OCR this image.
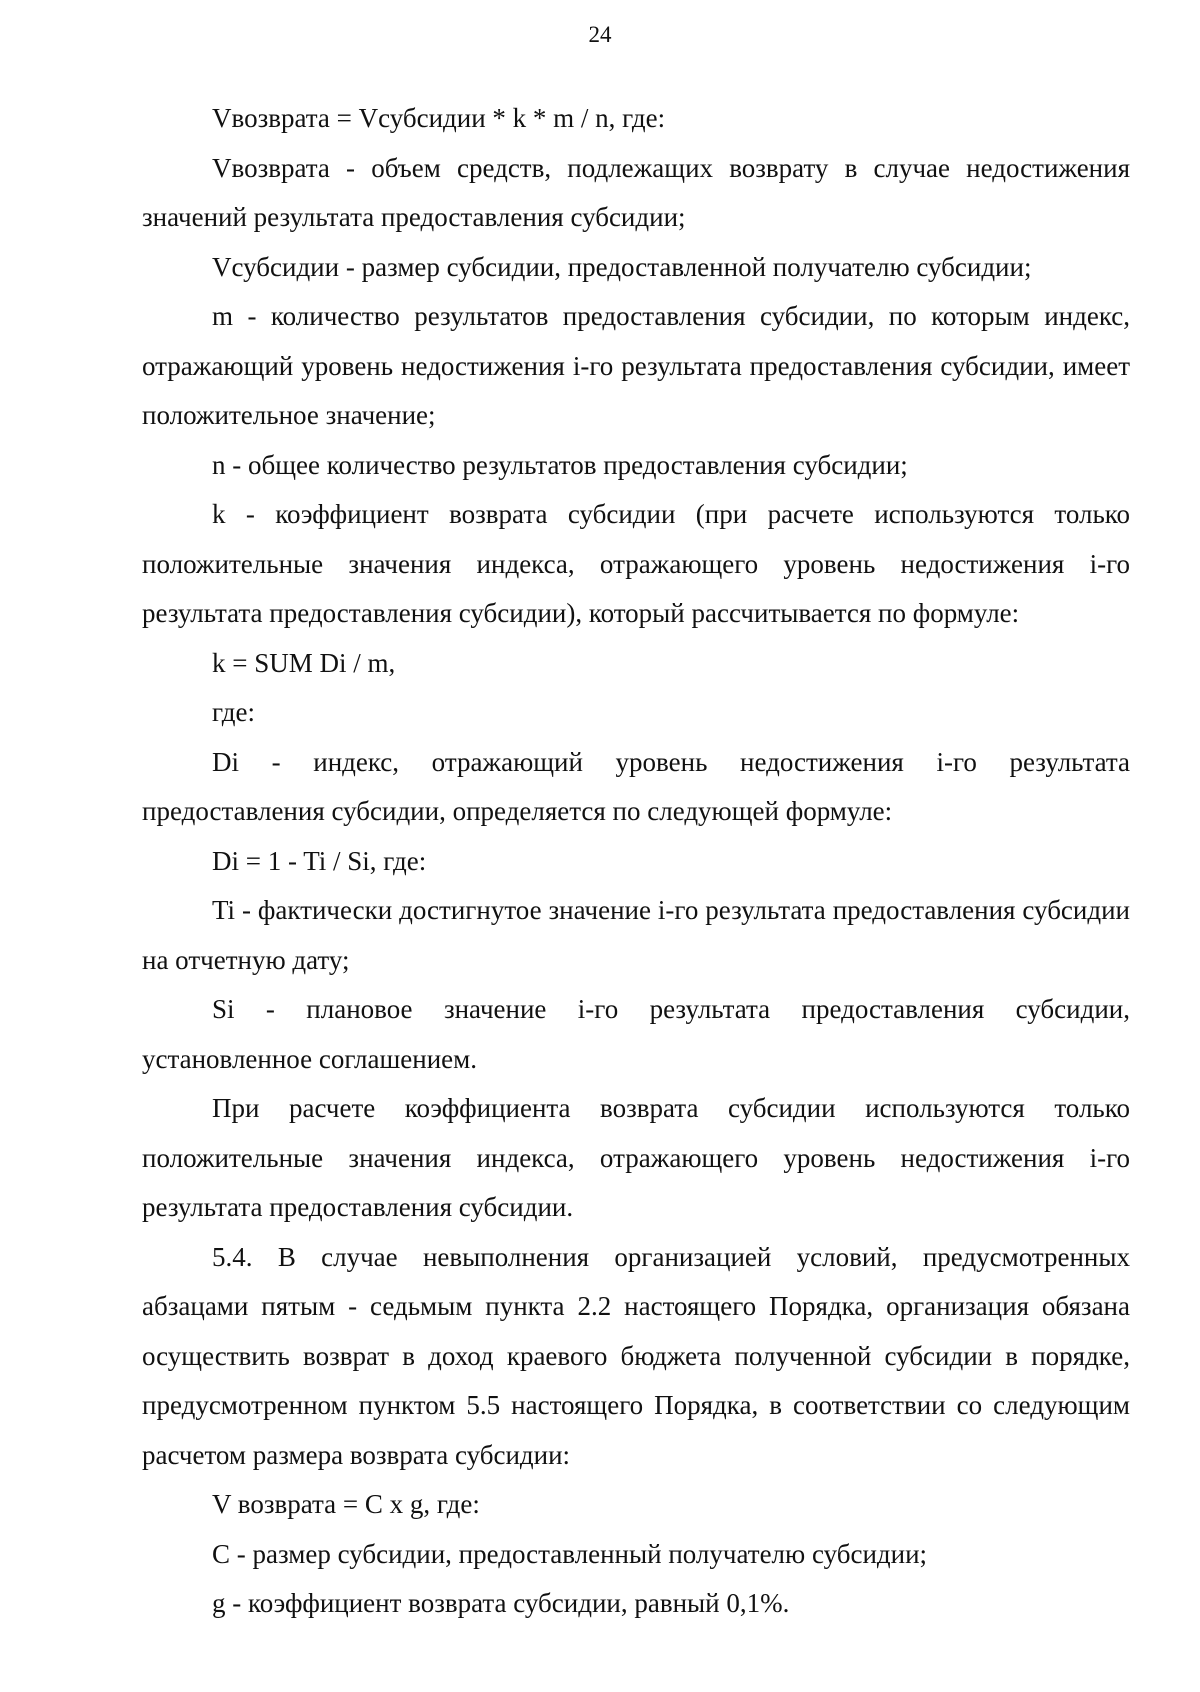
24

Vвозврата = Vсубсидии * k * m / n, где:

Vвозврата - объем средств, подлежащих возврату в случае недостижения значений результата предоставления субсидии;

Vсубсидии - размер субсидии, предоставленной получателю субсидии;

m - количество результатов предоставления субсидии, по которым индекс, отражающий уровень недостижения i-го результата предоставления субсидии, имеет положительное значение;

n - общее количество результатов предоставления субсидии;

k - коэффициент возврата субсидии (при расчете используются только положительные значения индекса, отражающего уровень недостижения i-го результата предоставления субсидии), который рассчитывается по формуле:

k = SUM Di / m,

где:

Di - индекс, отражающий уровень недостижения i-го результата предоставления субсидии, определяется по следующей формуле:

Di = 1 - Ti / Si, где:

Ti - фактически достигнутое значение i-го результата предоставления субсидии на отчетную дату;

Si - плановое значение i-го результата предоставления субсидии, установленное соглашением.

При расчете коэффициента возврата субсидии используются только положительные значения индекса, отражающего уровень недостижения i-го результата предоставления субсидии.

5.4. В случае невыполнения организацией условий, предусмотренных абзацами пятым - седьмым пункта 2.2 настоящего Порядка, организация обязана осуществить возврат в доход краевого бюджета полученной субсидии в порядке, предусмотренном пунктом 5.5 настоящего Порядка, в соответствии со следующим расчетом размера возврата субсидии:

V возврата = C x g, где:

C - размер субсидии, предоставленный получателю субсидии;

g - коэффициент возврата субсидии, равный 0,1%.
